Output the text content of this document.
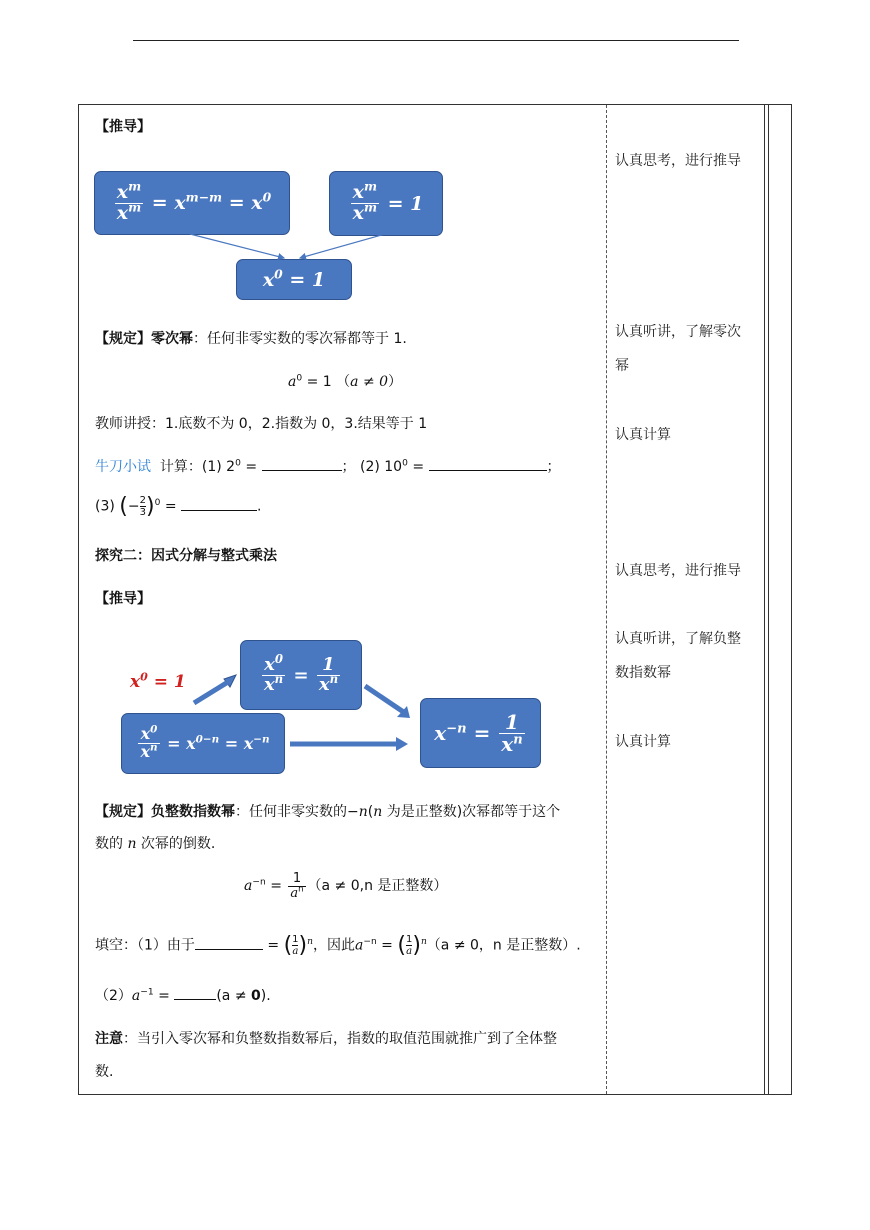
【推导】
$\frac{x^m}{x^m} = x^{m-m} = x^0$	$\frac{x^m}{x^m} = 1$
$x^0 = 1$
【规定】零次幂：任何非零实数的零次幂都等于 1.
$a^0 = 1$ （a ≠ 0）
教师讲授：1.底数不为 0，2.指数为 0，3.结果等于 1
牛刀小试 计算：(1) $2^0$ =	； (2) $10^0$ =	；
(3) (− $\frac{2}{3} )^0$ =	.
探究二：因式分解与整式乘法
【推导】
$x^0 = 1$	$\frac{x^0}{x^n} = \frac{1}{x^n}$
$\frac{x^0}{x^n} = x^{0-n} = x^{-n}$	$x^{-n} = \frac{1}{x^n}$
【规定】负整数指数幂：任何非零实数的−n(n 为是正整数)次幂都等于这个
数的 n 次幂的倒数.
$a^{-n} = \frac{1}{a^n} (a \ne 0,n$ 是正整数）
填空：（1）由于	= ( $\frac{1}{a} )^n$，因此$a^{-n}$ = ( $\frac{1}{a} )^n(a \ne 0$，n 是正整数）.
$(2)a^{-1}$ =	(a ≠ 0).
注意：当引入零次幂和负整数指数幂后，指数的取值范围就推广到了全体整
数.
认真思考，进行推导
认真听讲，了解零次
幂
认真计算
认真思考，进行推导
认真听讲，了解负整
数指数幂
认真计算
